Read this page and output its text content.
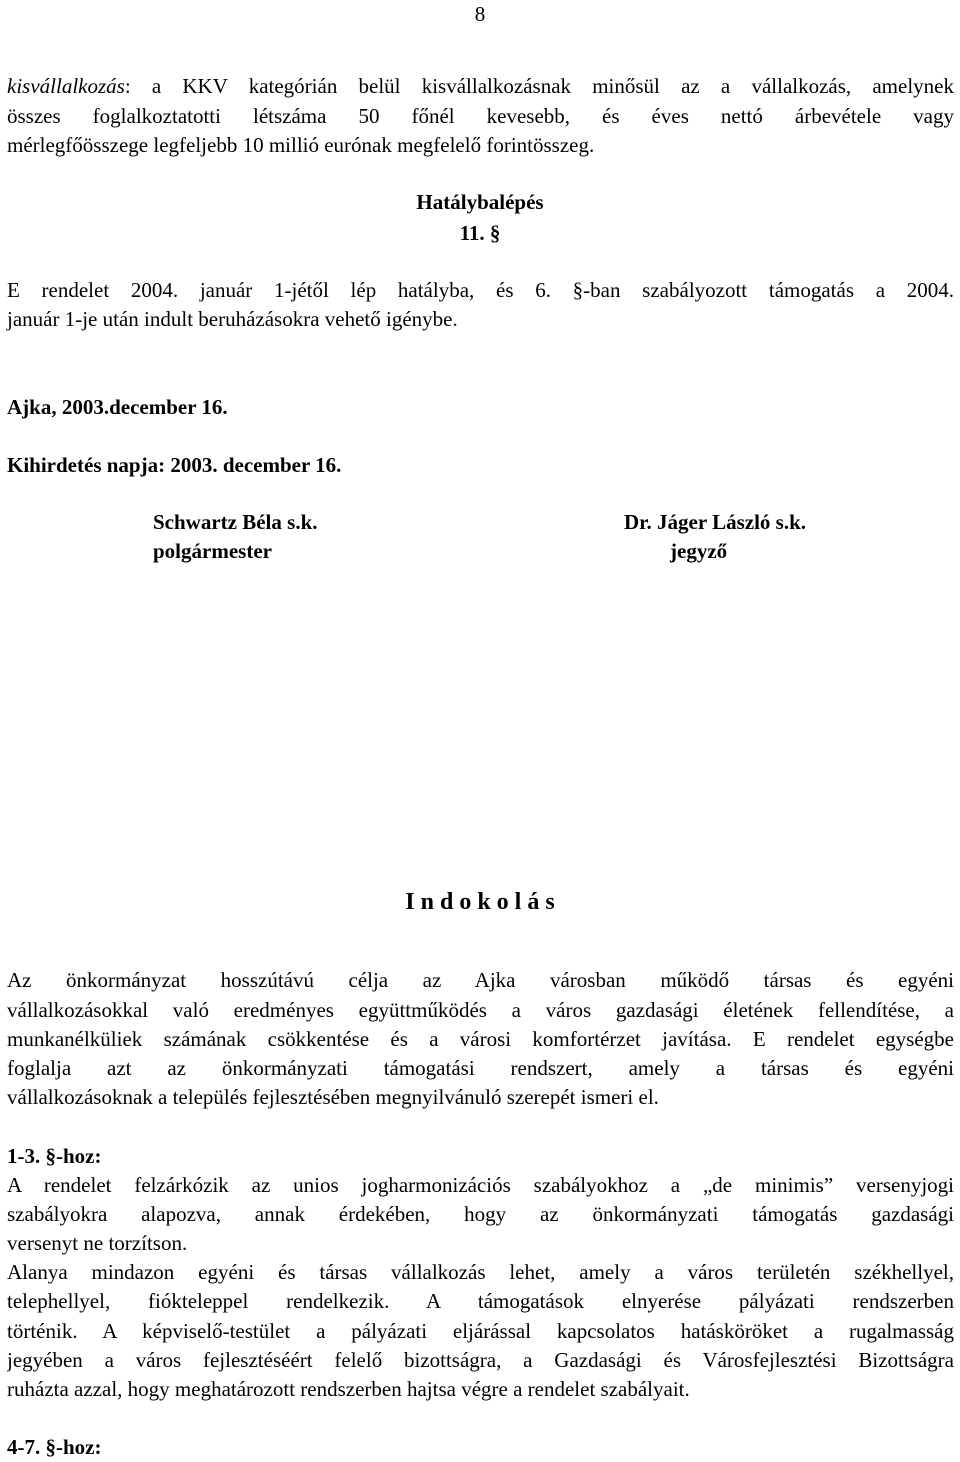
8
kisvállalkozás: a KKV kategórián belül kisvállalkozásnak minősül az a vállalkozás, amelynek
összes foglalkoztatotti létszáma 50 főnél kevesebb, és éves nettó árbevétele vagy
mérlegfőösszege legfeljebb 10 millió eurónak megfelelő forintösszeg.
Hatálybalépés
11. §
E rendelet 2004. január 1-jétől lép hatályba, és 6. §-ban szabályozott támogatás a 2004.
január 1-je után indult beruházásokra vehető igénybe.
Ajka, 2003.december 16.
Kihirdetés napja: 2003. december 16.
Schwartz Béla s.k.
polgármester
Dr. Jáger László s.k.
jegyző
I n d o k o l á s
Az önkormányzat hosszútávú célja az Ajka városban működő társas és egyéni
vállalkozásokkal való eredményes együttműködés a város gazdasági életének fellendítése, a
munkanélküliek számának csökkentése és a városi komfortérzet javítása. E rendelet egységbe
foglalja azt az önkormányzati támogatási rendszert, amely a társas és egyéni
vállalkozásoknak a település fejlesztésében megnyilvánuló szerepét ismeri el.
1-3. §-hoz:
A rendelet felzárkózik az unios jogharmonizációs szabályokhoz a „de minimis” versenyjogi
szabályokra alapozva, annak érdekében, hogy az önkormányzati támogatás gazdasági
versenyt ne torzítson.
Alanya mindazon egyéni és társas vállalkozás lehet, amely a város területén székhellyel,
telephellyel, fiókteleppel rendelkezik. A támogatások elnyerése pályázati rendszerben
történik. A képviselő-testület a pályázati eljárással kapcsolatos hatásköröket a rugalmasság
jegyében a város fejlesztéséért felelő bizottságra, a Gazdasági és Városfejlesztési Bizottságra
ruházta azzal, hogy meghatározott rendszerben hajtsa végre a rendelet szabályait.
4-7. §-hoz:
